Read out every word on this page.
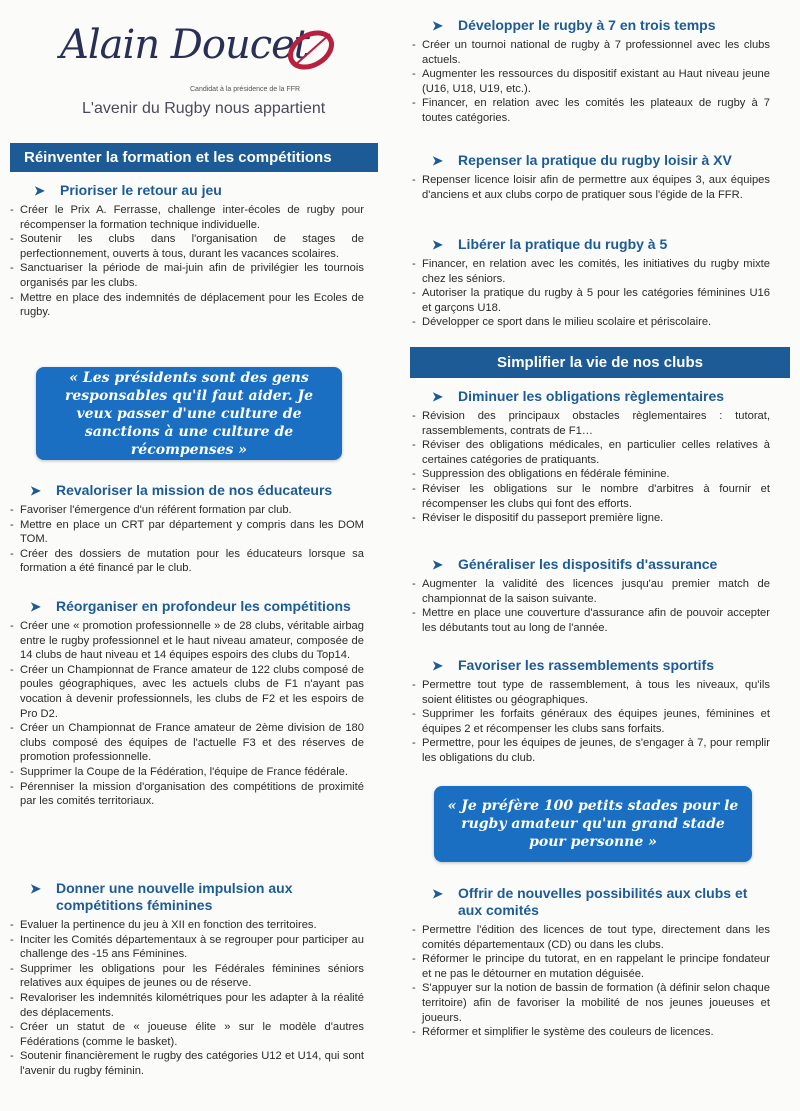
Alain Doucet
Candidat à la présidence de la FFR
L'avenir du Rugby nous appartient
Réinventer la formation et les compétitions
➤	Prioriser le retour au jeu
- Créer le Prix A. Ferrasse, challenge inter-écoles de rugby pour récompenser la formation technique individuelle.
- Soutenir les clubs dans l'organisation de stages de perfectionnement, ouverts à tous, durant les vacances scolaires.
- Sanctuariser la période de mai-juin afin de privilégier les tournois organisés par les clubs.
- Mettre en place des indemnités de déplacement pour les Ecoles de rugby.
« Les présidents sont des gens responsables qu'il faut aider. Je veux passer d'une culture de sanctions à une culture de récompenses »
➤	Revaloriser la mission de nos éducateurs
- Favoriser l'émergence d'un référent formation par club.
- Mettre en place un CRT par département y compris dans les DOM TOM.
- Créer des dossiers de mutation pour les éducateurs lorsque sa formation a été financé par le club.
➤	Réorganiser en profondeur les compétitions
- Créer une « promotion professionnelle » de 28 clubs, véritable airbag entre le rugby professionnel et le haut niveau amateur, composée de 14 clubs de haut niveau et 14 équipes espoirs des clubs du Top14.
- Créer un Championnat de France amateur de 122 clubs composé de poules géographiques, avec les actuels clubs de F1 n'ayant pas vocation à devenir professionnels, les clubs de F2 et les espoirs de Pro D2.
- Créer un Championnat de France amateur de 2ème division de 180 clubs composé des équipes de l'actuelle F3 et des réserves de promotion professionnelle.
- Supprimer la Coupe de la Fédération, l'équipe de France fédérale.
- Pérenniser la mission d'organisation des compétitions de proximité par les comités territoriaux.
➤	Donner une nouvelle impulsion aux compétitions féminines
- Evaluer la pertinence du jeu à XII en fonction des territoires.
- Inciter les Comités départementaux à se regrouper pour participer au challenge des -15 ans Féminines.
- Supprimer les obligations pour les Fédérales féminines séniors relatives aux équipes de jeunes ou de réserve.
- Revaloriser les indemnités kilométriques pour les adapter à la réalité des déplacements.
- Créer un statut de « joueuse élite » sur le modèle d'autres Fédérations (comme le basket).
- Soutenir financièrement le rugby des catégories U12 et U14, qui sont l'avenir du rugby féminin.
➤	Développer le rugby à 7 en trois temps
- Créer un tournoi national de rugby à 7 professionnel avec les clubs actuels.
- Augmenter les ressources du dispositif existant au Haut niveau jeune (U16, U18, U19, etc.).
- Financer, en relation avec les comités les plateaux de rugby à 7 toutes catégories.
➤	Repenser la pratique du rugby loisir à XV
- Repenser licence loisir afin de permettre aux équipes 3, aux équipes d'anciens et aux clubs corpo de pratiquer sous l'égide de la FFR.
➤	Libérer la pratique du rugby à 5
- Financer, en relation avec les comités, les initiatives du rugby mixte chez les séniors.
- Autoriser la pratique du rugby à 5 pour les catégories féminines U16 et garçons U18.
- Développer ce sport dans le milieu scolaire et périscolaire.
Simplifier la vie de nos clubs
➤	Diminuer les obligations règlementaires
- Révision des principaux obstacles règlementaires : tutorat, rassemblements, contrats de F1…
- Réviser des obligations médicales, en particulier celles relatives à certaines catégories de pratiquants.
- Suppression des obligations en fédérale féminine.
- Réviser les obligations sur le nombre d'arbitres à fournir et récompenser les clubs qui font des efforts.
- Réviser le dispositif du passeport première ligne.
➤	Généraliser les dispositifs d'assurance
- Augmenter la validité des licences jusqu'au premier match de championnat de la saison suivante.
- Mettre en place une couverture d'assurance afin de pouvoir accepter les débutants tout au long de l'année.
➤	Favoriser les rassemblements sportifs
- Permettre tout type de rassemblement, à tous les niveaux, qu'ils soient élitistes ou géographiques.
- Supprimer les forfaits généraux des équipes jeunes, féminines et équipes 2 et récompenser les clubs sans forfaits.
- Permettre, pour les équipes de jeunes, de s'engager à 7, pour remplir les obligations du club.
« Je préfère 100 petits stades pour le rugby amateur qu'un grand stade pour personne »
➤	Offrir de nouvelles possibilités aux clubs et aux comités
- Permettre l'édition des licences de tout type, directement dans les comités départementaux (CD) ou dans les clubs.
- Réformer le principe du tutorat, en en rappelant le principe fondateur et ne pas le détourner en mutation déguisée.
- S'appuyer sur la notion de bassin de formation (à définir selon chaque territoire) afin de favoriser la mobilité de nos jeunes joueuses et joueurs.
- Réformer et simplifier le système des couleurs de licences.
